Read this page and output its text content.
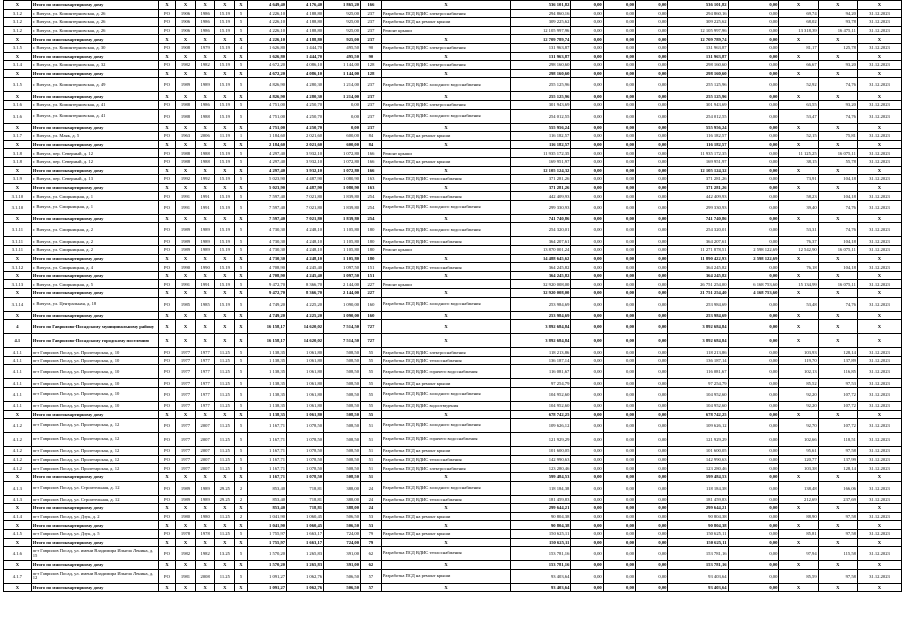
X	Итого по многоквартирному дому	X	X	X	X	X	4 649,40	4 176,40	1 865,20	166	X	536 101,82	0,00	0,00	0,00	536 101,82	0,00	X	X	X
3.1.2	г. Вичуга, ул. Коминтерновская, д. 26	РО	1906	1986	15.19	5	4 226,10	4 188,80	925,00	237	Разработка ПСД ВДИС электроснабжения	294 860,16	0,00	0,00	0,00	294 860,16	0,00	69,74	94,20	31.12.2023
3.1.2	г. Вичуга, ул. Коминтерновская, д. 26	РО	1906	1986	15.19	5	4 226,10	4 188,80	925,00	237	Разработка ПСД на ремонт крыши	309 225,62	0,00	0,00	0,00	309 225,62	0,00	68,02	93,78	31.12.2023
3.1.2	г. Вичуга, ул. Коминтерновская, д. 26	РО	1906	1986	15.19	5	4 226,10	4 188,80	925,00	237	Ремонт крыши	12 105 997,96	0,00	0,00	0,00	12 105 997,96	0,00	13 318,39	16 475,11	31.12.2023
X	Итого по многоквартирному дому	X	X	X	X	X	4 226,10	4 188,80	925,00	237	X	12 709 789,74	0,00	0,00	0,00	12 709 789,74	0,00	X	X	X
3.1.5	г. Вичуга, ул. Коминтерновская, д. 30	РО	1908	1979	15.19	4	1 626,80	1 444,70	495,50	90	Разработка ПСД ВДИС электроснабжения	131 963,87	0,00	0,00	0,00	131 963,87	0,00	81,17	125,78	31.12.2023
X	Итого по многоквартирному дому	X	X	X	X	X	1 626,80	1 444,70	495,50	90	X	131 963,87	0,00	0,00	0,00	131 963,87	0,00	X	X	X
3.1.4	г. Вичуга, ул. Коминтерновская, д. 32	РО	1982	1982	15.19	5	4 672,20	4 086,10	1 144,00	128	Разработка ПСД ВДИС электроснабжения	298 160,60	0,00	0,00	0,00	298 160,60	0,00	66,67	93,20	31.12.2023
X	Итого по многоквартирному дому	X	X	X	X	X	4 672,20	4 086,10	1 144,00	128	X	298 160,60	0,00	0,00	0,00	298 160,60	0,00	X	X	X
3.1.5	г. Вичуга, ул. Коминтерновская, д. 49	РО	1989	1989	15.19	5	4 826,90	4 280,30	1 214,00	237	Разработка ПСД ВДИС холодного водоснабжения	255 125,96	0,00	0,00	0,00	255 125,96	0,00	52,92	74,76	31.12.2023
X	Итого по многоквартирному дому	X	X	X	X	X	4 826,90	4 280,30	1 214,00	237	X	255 125,96	0,00	0,00	0,00	255 125,96	0,00	X	X	X
3.1.6	г. Вичуга, ул. Коминтерновская, д. 41	РО	1988	1986	15.19	5	4 751,00	4 250,70	0,00	237	Разработка ПСД ВДИС электроснабжения	301 943,69	0,00	0,00	0,00	301 943,69	0,00	63,55	93,20	31.12.2023
3.1.6	г. Вичуга, ул. Коминтерновская, д. 41	РО	1988	1988	15.19	5	4 751,00	4 250,70	0,00	237	Разработка ПСД ВДИС холодного водоснабжения	254 012,55	0,00	0,00	0,00	254 012,55	0,00	53,47	74,76	31.12.2023
X	Итого по многоквартирному дому	X	X	X	X	X	4 751,00	4 250,70	0,00	237	X	555 956,24	0,00	0,00	0,00	555 956,24	0,00	X	X	X
3.1.7	г. Вичуга, ул. Маяк, д. 5	РО	1963	2006	11.19	1	1 184,60	2 021,60	600,00	84	Разработка ПСД на ремонт крыши	116 182,57	0,00	0,00	0,00	116 182,57	0,00	52,15	75,81	31.12.2023
X	Итого по многоквартирному дому	X	X	X	X	X	2 184,60	2 021,60	600,00	84	X	116 182,57	0,00	0,00	0,00	116 182,57	0,00	X	X	X
3.1.8	г. Вичуга, пер. Северный, д. 12	РО	1988	1988	15.19	5	4 297,40	3 932,10	1 072,80	166	Ремонт крыши	11 935 172,35	0,00	0,00	0,00	11 935 172,35	0,00	11 125,25	16 075,11	31.12.2023
3.1.8	г. Вичуга, пер. Северный, д. 12	РО	1988	1988	15.19	5	4 297,40	3 932,10	1 072,80	166	Разработка ПСД на ремонт крыши	169 951,97	0,00	0,00	0,00	169 951,97	0,00	38,15	55,78	31.12.2023
X	Итого по многоквартирному дому	X	X	X	X	X	4 297,40	3 932,10	1 072,80	166	X	12 105 124,32	0,00	0,00	0,00	12 105 124,32	0,00	X	X	X
3.1.9	г. Вичуга, пер. Северный, д. 13	РО	1992	1992	15.19	5	5 023,90	4 487,90	1 080,90	163	Разработка ПСД ВДИС теплоснабжения	371 281,26	0,00	0,00	0,00	371 281,26	0,00	73,91	104,18	31.12.2023
X	Итого по многоквартирному дому	X	X	X	X	X	5 023,90	4 487,90	1 080,90	163	X	371 281,26	0,00	0,00	0,00	371 281,26	0,00	X	X	X
3.1.10	г. Вичуга, ул. Смирницкая, д. 1	РО	1991	1991	15.19	5	7 597,40	7 021,80	1 839,80	254	Разработка ПСД ВДИС теплоснабжения	442 409,93	0,00	0,00	0,00	442 409,93	0,00	58,23	104,18	31.12.2023
3.1.10	г. Вичуга, ул. Смирницкая, д. 1	РО	1991	1991	15.19	5	7 597,40	7 021,80	1 839,80	254	Разработка ПСД ВДИС холодного водоснабжения	299 330,93	0,00	0,00	0,00	299 330,93	0,00	39,40	74,76	31.12.2023
X	Итого по многоквартирному дому	X	X	X	X	X	7 597,40	7 021,80	1 839,80	254	X	741 740,86	0,00	0,00	0,00	741 740,86	0,00	X	X	X
3.1.11	г. Вичуга, ул. Смирницкая, д. 2	РО	1989	1989	15.19	5	4 730,30	4 248,10	1 105,80	180	Разработка ПСД ВДИС холодного водоснабжения	254 320,01	0,00	0,00	0,00	254 320,01	0,00	53,31	74,76	31.12.2023
3.1.11	г. Вичуга, ул. Смирницкая, д. 2	РО	1989	1989	15.19	5	4 730,30	4 248,10	1 105,80	180	Разработка ПСД ВДИС теплоснабжения	364 207,61	0,00	0,00	0,00	364 207,61	0,00	76,37	104,18	31.12.2023
3.1.11	г. Вичуга, ул. Смирницкая, д. 2	РО	1989	1989	15.19	5	4 730,30	4 248,10	1 105,80	180	Ремонт крыши	13 870 001,24	0,00	0,00	0,00	11 271 878,51	2 598 122,69	12 542,90	16 075,11	31.12.2023
X	Итого по многоквартирному дому	X	X	X	X	X	4 730,30	4 248,10	1 105,80	180	X	14 488 645,62	0,00	0,00	0,00	11 890 422,93	2 598 122,69	X	X	X
3.1.12	г. Вичуга, ул. Смирницкая, д. 4	РО	1990	1990	15.19	5	4 708,90	4 245,40	1 097,50	151	Разработка ПСД ВДИС теплоснабжения	364 245,82	0,00	0,00	0,00	364 245,82	0,00	76,18	104,18	31.12.2023
X	Итого по многоквартирному дому	X	X	X	X	X	4 708,90	4 245,40	1 097,50	151	X	364 245,82	0,00	0,00	0,00	364 245,82	0,00	X	X	X
3.1.13	г. Вичуга, ул. Смирницкая, д. 5	РО	1991	1991	15.19	5	9 472,70	8 366,70	2 144,00	227	Ремонт крыши	32 920 008,00	0,00	0,00	0,00	26 751 254,00	6 168 753,60	15 134,99	16 075,11	31.12.2023
X	Итого по многоквартирному дому	X	X	X	X	X	9 472,70	8 366,70	2 144,00	227	X	32 920 008,00	0,00	0,00	0,00	21 751 254,40	4 168 753,60	X	X	X
3.1.14	г. Вичуга, ул. Центральная, д. 18	РО	1985	1985	15.19	5	4 749,20	4 225,20	1 090,00	160	Разработка ПСД ВДИС холодного водоснабжения	253 984,69	0,00	0,00	0,00	253 984,69	0,00	53,48	74,76	31.12.2023
X	Итого по многоквартирному дому	X	X	X	X	X	4 749,20	4 225,20	1 090,00	160	X	253 984,69	0,00	0,00	0,00	253 984,69	0,00	X	X	X
4	Итого по Гаврилово-Посадскому муниципальному району	X	X	X	X	X	16 158,17	14 620,02	7 514,50	727	X	3 892 684,84	0,00	0,00	0,00	3 892 684,84	0,00	X	X	X
4.1	Итого по Гаврилово-Посадскому городскому поселению	X	X	X	X	X	16 158,17	14 620,02	7 514,50	727	X	3 892 684,84	0,00	0,00	0,00	3 892 684,84	0,00	X	X	X
4.1.1	пгт Гаврилов Посад, ул. Пролетарская, д. 10	РО	1977	1977	11.25	5	1 138,35	1 061,80	508,50	55	Разработка ПСД ВДИС электроснабжения	118 213,86	0,00	0,00	0,00	118 213,86	0,00	103,93	128,14	31.12.2023
4.1.1	пгт Гаврилов Посад, ул. Пролетарская, д. 10	РО	1977	1977	11.25	5	1 138,35	1 061,80	508,50	55	Разработка ПСД ВДИС теплоснабжения	136 187,14	0,00	0,00	0,00	136 187,14	0,00	119,70	137,89	31.12.2023
4.1.1	пгт Гаврилов Посад, ул. Пролетарская, д. 10	РО	1977	1977	11.25	5	1 138,35	1 061,80	508,50	55	Разработка ПСД ВДИС горячего водоснабжения	116 081,67	0,00	0,00	0,00	116 081,67	0,00	102,13	116,85	31.12.2023
4.1.1	пгт Гаврилов Посад, ул. Пролетарская, д. 10	РО	1977	1977	11.25	5	1 138,35	1 061,80	508,50	55	Разработка ПСД на ремонт крыши	97 254,79	0,00	0,00	0,00	97 254,79	0,00	85,52	97,53	31.12.2023
4.1.1	пгт Гаврилов Посад, ул. Пролетарская, д. 10	РО	1977	1977	11.25	5	1 138,35	1 061,80	508,50	55	Разработка ПСД ВДИС холодного водоснабжения	104 952,60	0,00	0,00	0,00	104 952,60	0,00	92,20	107,72	31.12.2023
4.1.1	пгт Гаврилов Посад, ул. Пролетарская, д. 10	РО	1977	1977	11.25	5	1 138,35	1 061,80	508,50	55	Разработка ПСД ВДИС водоотведения	104 952,60	0,00	0,00	0,00	104 952,60	0,00	92,20	107,72	31.12.2023
X	Итого по многоквартирному дому	X	X	X	X	X	1 138,35	1 061,80	508,50	55	X	678 742,25	0,00	0,00	0,00	678 742,25	0,00	X	X	X
4.1.2	пгт Гаврилов Посад, ул. Пролетарская, д. 12	РО	1977	2007	11.25	5	1 167,71	1 078,50	508,50	51	Разработка ПСД ВДИС холодного водоснабжения	109 626,12	0,00	0,00	0,00	109 626,12	0,00	92,70	107,72	31.12.2023
4.1.2	пгт Гаврилов Посад, ул. Пролетарская, д. 12	РО	1977	2007	11.25	5	1 167,71	1 078,50	508,50	51	Разработка ПСД ВДИС горячего водоснабжения	121 929,29	0,00	0,00	0,00	121 929,29	0,00	102,66	118,51	31.12.2023
4.1.2	пгт Гаврилов Посад, ул. Пролетарская, д. 12	РО	1977	2007	11.25	5	1 167,71	1 078,50	508,50	51	Разработка ПСД на ремонт крыши	101 600,05	0,00	0,00	0,00	101 600,05	0,00	95,61	97,58	31.12.2023
4.1.2	пгт Гаврилов Посад, ул. Пролетарская, д. 12	РО	1977	2007	11.25	5	1 167,71	1 078,50	508,50	51	Разработка ПСД ВДИС теплоснабжения	142 990,63	0,00	0,00	0,00	142 990,63	0,00	120,77	137,99	31.12.2023
4.1.2	пгт Гаврилов Посад, ул. Пролетарская, д. 12	РО	1977	2007	11.25	5	1 167,71	1 078,50	508,50	51	Разработка ПСД ВДИС электроснабжения	123 280,46	0,00	0,00	0,00	123 280,46	0,00	103,38	128,14	31.12.2023
X	Итого по многоквартирному дому	X	X	X	X	X	1 167,71	1 078,50	508,50	51	X	599 484,53	0,00	0,00	0,00	599 484,53	0,00	X	X	X
4.1.3	пгт Гаврилов Посад, ул. Строительная, д. 12	РО	1989	1989	29.25	2	853,40	718,81	388,00	24	Разработка ПСД ВДИС холодного водоснабжения	118 184,38	0,00	0,00	0,00	118 184,38	0,00	138,48	166,06	31.12.2023
4.1.3	пгт Гаврилов Посад, ул. Строительная, д. 12	РО	1989	1989	29.25	2	853,40	718,81	388,00	24	Разработка ПСД ВДИС теплоснабжения	181 459,83	0,00	0,00	0,00	181 459,83	0,00	212,69	237,69	31.12.2023
X	Итого по многоквартирному дому	X	X	X	X	X	853,40	718,81	388,00	24	X	299 644,21	0,00	0,00	0,00	299 644,21	0,00	X	X	X
4.1.4	пгт Гаврилов Посад, ул. Дзук, д. 2	РО	1980	1980	11.25	2	1 041,90	1 060,45	506,50	53	Разработка ПСД на ремонт крыши	90 804,38	0,00	0,00	0,00	90 804,38	0,00	88,90	97,58	31.12.2023
X	Итого по многоквартирному дому	X	X	X	X	X	1 041,90	1 060,45	506,50	53	X	90 804,38	0,00	0,00	0,00	90 804,38	0,00	X	X	X
4.1.5	пгт Гаврилов Посад, ул. Дзук, д. 5	РО	1978	1978	11.25	5	1 755,97	1 663,17	724,00	79	Разработка ПСД на ремонт крыши	150 625,11	0,00	0,00	0,00	150 625,11	0,00	85,81	97,58	31.12.2023
X	Итого по многоквартирному дому	X	X	X	X	X	1 755,97	1 663,17	724,00	79	X	150 625,11	0,00	0,00	0,00	150 625,11	0,00	X	X	X
4.1.6	пгт Гаврилов Посад, ул. имени Владимира Ильича Ленина, д. 15	РО	1982	1982	13.25	5	1 570,20	1 265,83	391,00	62	Разработка ПСД ВДИС теплоснабжения	153 781,16	0,00	0,00	0,00	153 781,16	0,00	97,94	115,58	31.12.2023
X	Итого по многоквартирному дому	X	X	X	X	X	1 570,20	1 265,83	391,00	62	X	153 781,16	0,00	0,00	0,00	153 781,16	0,00	X	X	X
4.1.7	пгт Гаврилов Посад, ул. имени Владимира Ильича Ленина, д. 12	РО	1981	2008	11.25	5	1 091,27	1 062,76	506,50	57	Разработка ПСД на ремонт крыши	93 403,64	0,00	0,00	0,00	93 403,64	0,00	85,59	97,58	31.12.2023
X	Итого по многоквартирному дому	X	X	X	X	X	1 091,27	1 062,76	506,50	57	X	93 403,64	0,00	0,00	0,00	93 403,64	0,00	X	X	X
